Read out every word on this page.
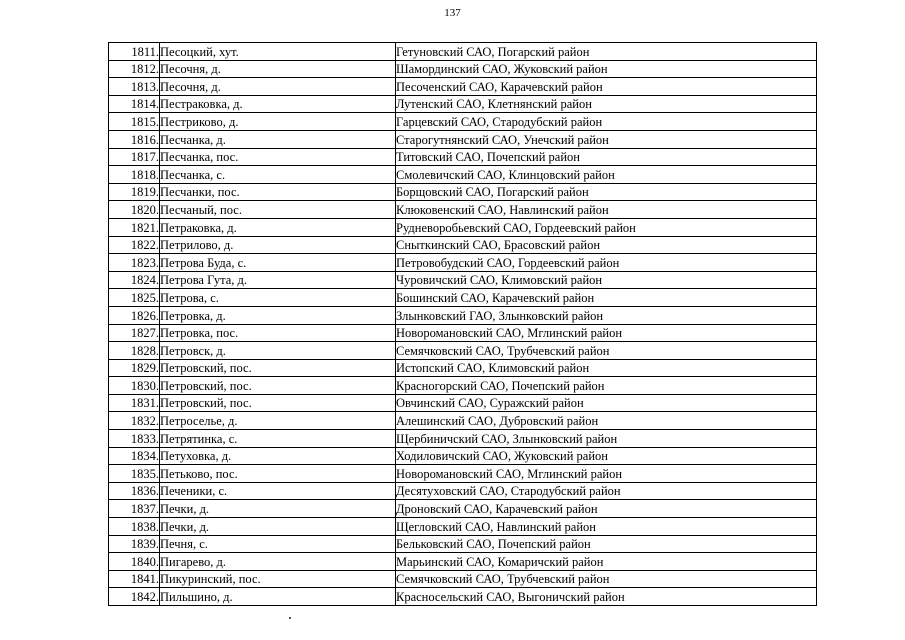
137
1811.	Песоцкий, хут.	Гетуновский САО, Погарский район
1812.	Песочня, д.	Шамординский САО, Жуковский район
1813.	Песочня, д.	Песоченский САО, Карачевский район
1814.	Пестраковка, д.	Лутенский САО, Клетнянский район
1815.	Пестриково, д.	Гарцевский САО, Стародубский район
1816.	Песчанка, д.	Старогутнянский САО, Унечский район
1817.	Песчанка, пос.	Титовский САО, Почепский район
1818.	Песчанка, с.	Смолевичский САО, Клинцовский район
1819.	Песчанки, пос.	Борщовский САО, Погарский район
1820.	Песчаный, пос.	Клюковенский САО, Навлинский район
1821.	Петраковка, д.	Рудневоробьевский САО, Гордеевский район
1822.	Петрилово, д.	Сныткинский САО, Брасовский район
1823.	Петрова Буда, с.	Петровобудский САО, Гордеевский район
1824.	Петрова Гута, д.	Чуровичский САО, Климовский район
1825.	Петрова, с.	Бошинский САО, Карачевский район
1826.	Петровка, д.	Злынковский ГАО, Злынковский район
1827.	Петровка, пос.	Новоромановский САО, Мглинский район
1828.	Петровск, д.	Семячковский САО, Трубчевский район
1829.	Петровский, пос.	Истопский САО, Климовский район
1830.	Петровский, пос.	Красногорский САО, Почепский район
1831.	Петровский, пос.	Овчинский САО, Суражский район
1832.	Петроселье, д.	Алешинский САО, Дубровский район
1833.	Петрятинка, с.	Щербиничский САО, Злынковский район
1834.	Петуховка, д.	Ходиловичский САО, Жуковский район
1835.	Петьково, пос.	Новоромановский САО, Мглинский район
1836.	Печеники, с.	Десятуховский САО, Стародубский район
1837.	Печки, д.	Дроновский САО, Карачевский район
1838.	Печки, д.	Щегловский САО, Навлинский район
1839.	Печня, с.	Бельковский САО, Почепский район
1840.	Пигарево, д.	Марьинский САО, Комаричский район
1841.	Пикуринский, пос.	Семячковский САО, Трубчевский район
1842.	Пильшино, д.	Красносельский САО, Выгоничский район
